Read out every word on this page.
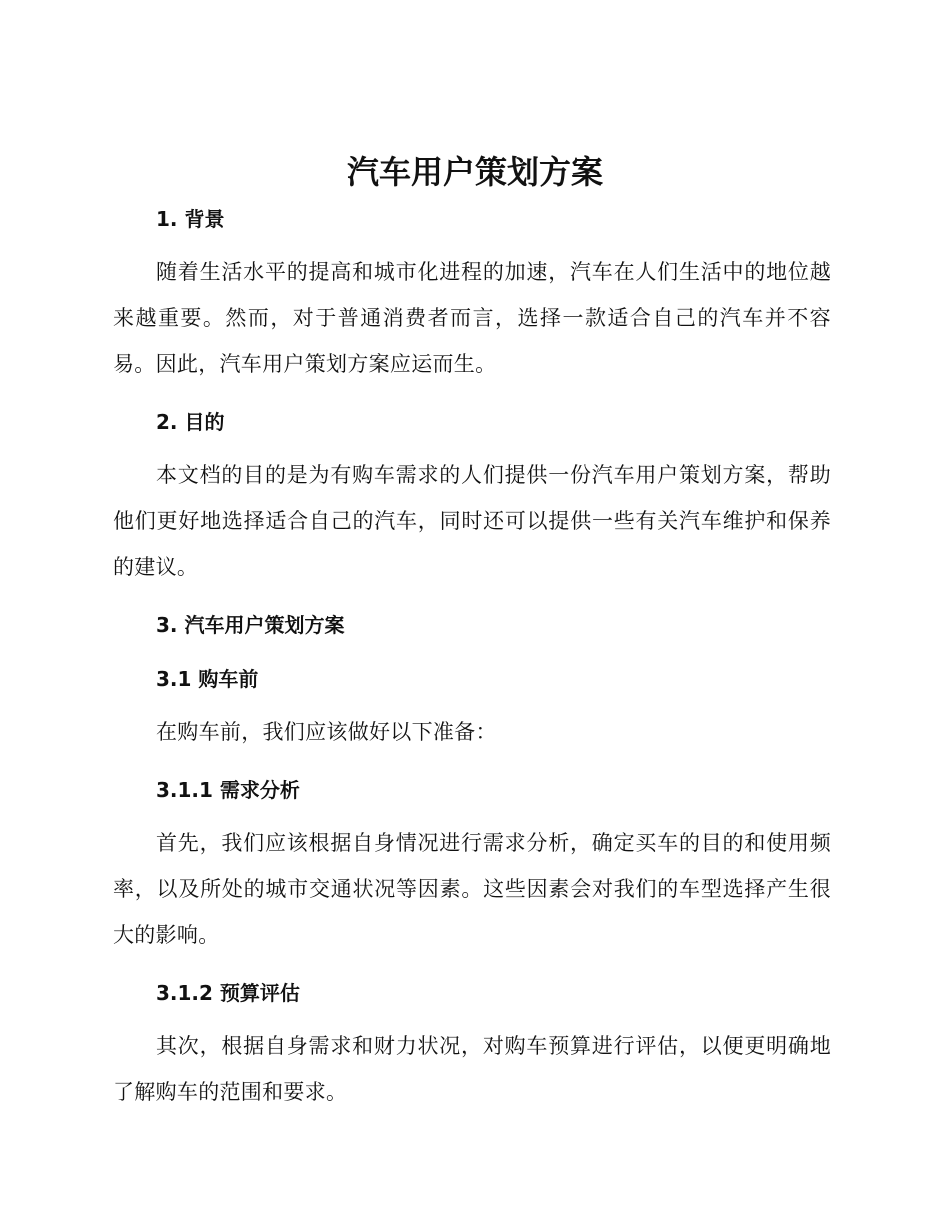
汽车用户策划方案

1. 背景

随着生活水平的提高和城市化进程的加速，汽车在人们生活中的地位越来越重要。然而，对于普通消费者而言，选择一款适合自己的汽车并不容易。因此，汽车用户策划方案应运而生。

2. 目的

本文档的目的是为有购车需求的人们提供一份汽车用户策划方案，帮助他们更好地选择适合自己的汽车，同时还可以提供一些有关汽车维护和保养的建议。

3. 汽车用户策划方案

3.1 购车前

在购车前，我们应该做好以下准备：

3.1.1 需求分析

首先，我们应该根据自身情况进行需求分析，确定买车的目的和使用频率，以及所处的城市交通状况等因素。这些因素会对我们的车型选择产生很大的影响。

3.1.2 预算评估

其次，根据自身需求和财力状况，对购车预算进行评估，以便更明确地了解购车的范围和要求。
